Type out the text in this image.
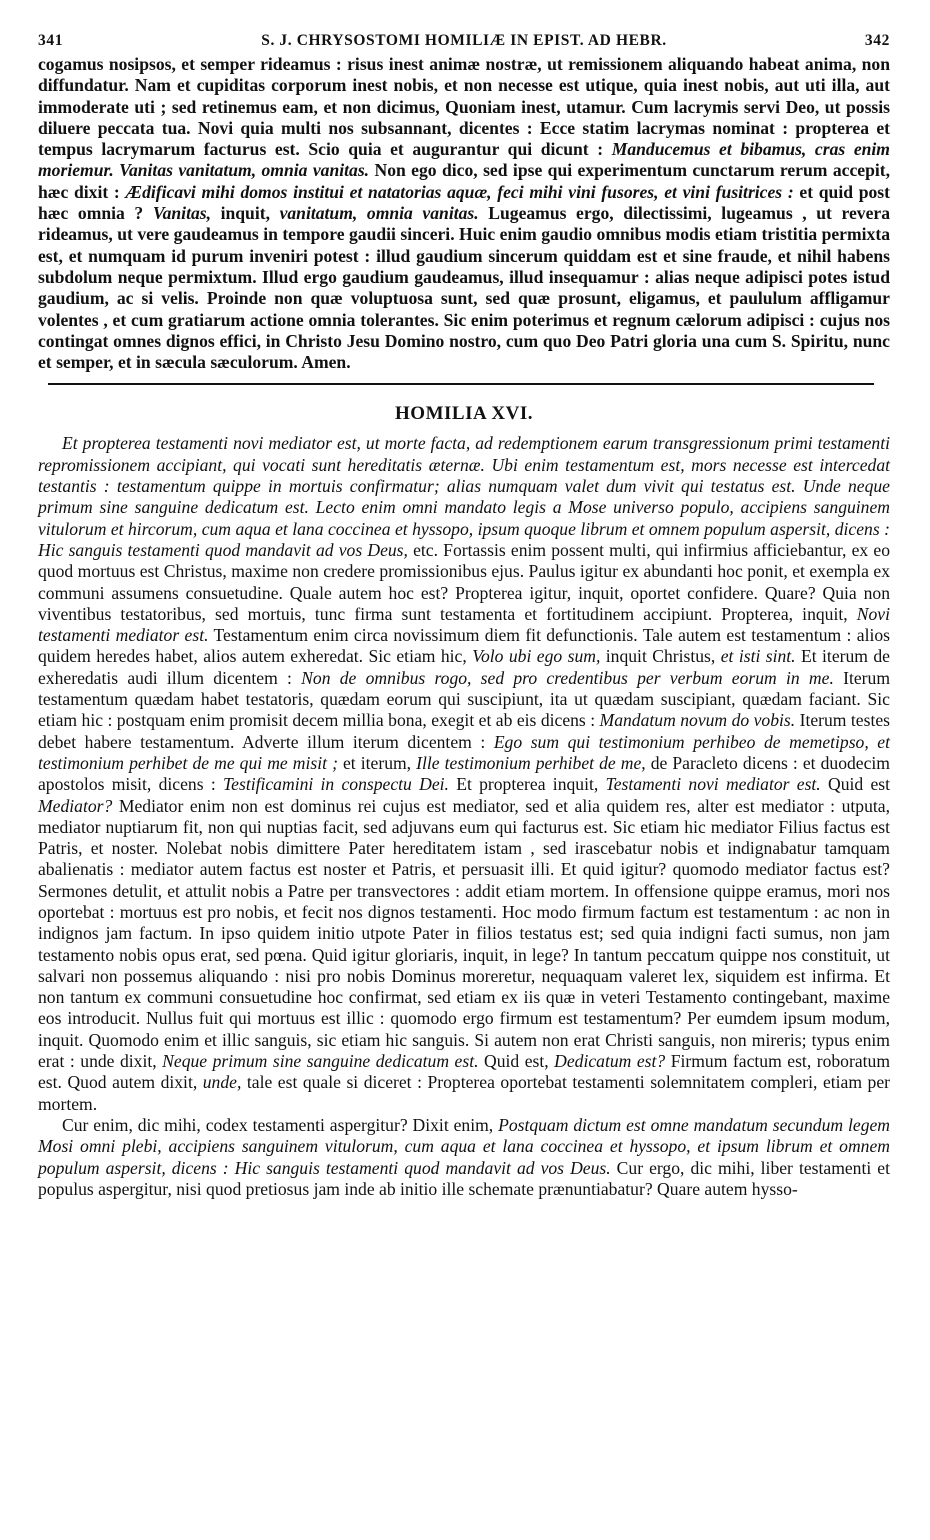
341	S. J. CHRYSOSTOMI HOMILIÆ IN EPIST. AD HEBR.	342

cogamus nosipsos, et semper rideamus : risus inest animæ nostræ, ut remissionem aliquando habeat anima, non diffundatur. Nam et cupiditas corporum inest nobis, et non necesse est utique, quia inest nobis, aut uti illa, aut immoderate uti ; sed retinemus eam, et non dicimus, Quoniam inest, utamur. Cum lacrymis servi Deo, ut possis diluere peccata tua. Novi quia multi nos subsannant, dicentes : Ecce statim lacrymas nominat : propterea et tempus lacrymarum facturus est. Scio quia et augurantur qui dicunt : Manducemus et bibamus, cras enim moriemur. Vanitas vanitatum, omnia vanitas. Non ego dico, sed ipse qui experimentum cunctarum rerum accepit, hæc dixit : Ædificavi mihi domos institui et natatorias aquæ, feci mihi vini fusores, et vini fusitrices : et quid post hæc omnia ? Vanitas, inquit, vanitatum, omnia vanitas. Lugeamus ergo, dilectissimi, lugeamus , ut revera rideamus, ut vere gaudeamus in tempore gaudii sinceri. Huic enim gaudio omnibus modis etiam tristitia permixta est, et numquam id purum inveniri potest : illud gaudium sincerum quiddam est et sine fraude, et nihil habens subdolum neque permixtum. Illud ergo gaudium gaudeamus, illud insequamur : alias neque adipisci potes istud gaudium, ac si velis. Proinde non quæ voluptuosa sunt, sed quæ prosunt, eligamus, et paululum affligamur volentes , et cum gratiarum actione omnia tolerantes. Sic enim poterimus et regnum cælorum adipisci : cujus nos contingat omnes dignos effici, in Christo Jesu Domino nostro, cum quo Deo Patri gloria una cum S. Spiritu, nunc et semper, et in sæcula sæculorum. Amen.

HOMILIA XVI.

Et propterea testamenti novi mediator est, ut morte facta, ad redemptionem earum transgressionum primi testamenti repromissionem accipiant, qui vocati sunt hereditatis æternæ. Ubi enim testamentum est, mors necesse est intercedat testantis : testamentum quippe in mortuis confirmatur; alias numquam valet dum vivit qui testatus est. Unde neque primum sine sanguine dedicatum est. Lecto enim omni mandato legis a Mose universo populo, accipiens sanguinem vitulorum et hircorum, cum aqua et lana coccinea et hyssopo, ipsum quoque librum et omnem populum aspersit, dicens : Hic sanguis testamenti quod mandavit ad vos Deus, etc. Fortassis enim possent multi, qui infirmius afficiebantur, ex eo quod mortuus est Christus, maxime non credere promissionibus ejus. Paulus igitur ex abundanti hoc ponit, et exempla ex communi assumens consuetudine. Quale autem hoc est? Propterea igitur, inquit, oportet confidere. Quare? Quia non viventibus testatoribus, sed mortuis, tunc firma sunt testamenta et fortitudinem accipiunt. Propterea, inquit, Novi testamenti mediator est. Testamentum enim circa novissimum diem fit defunctionis. Tale autem est testamentum : alios quidem heredes habet, alios autem exheredat. Sic etiam hic, Volo ubi ego sum, inquit Christus, et isti sint. Et iterum de exheredatis audi illum dicentem : Non de omnibus rogo, sed pro credentibus per verbum eorum in me. Iterum testamentum quædam habet testatoris, quædam eorum qui suscipiunt, ita ut quædam suscipiant, quædam faciant. Sic etiam hic : postquam enim promisit decem millia bona, exegit et ab eis dicens : Mandatum novum do vobis. Iterum testes debet habere testamentum. Adverte illum iterum dicentem : Ego sum qui testimonium perhibeo de memetipso, et testimonium perhibet de me qui me misit ; et iterum, Ille testimonium perhibet de me, de Paracleto dicens : et duodecim apostolos misit, dicens : Testificamini in conspectu Dei. Et propterea inquit, Testamenti novi mediator est. Quid est Mediator? Mediator enim non est dominus rei cujus est mediator, sed et alia quidem res, alter est mediator : utputa, mediator nuptiarum fit, non qui nuptias facit, sed adjuvans eum qui facturus est. Sic etiam hic mediator Filius factus est Patris, et noster. Nolebat nobis dimittere Pater hereditatem istam , sed irascebatur nobis et indignabatur tamquam abalienatis : mediator autem factus est noster et Patris, et persuasit illi. Et quid igitur? quomodo mediator factus est? Sermones detulit, et attulit nobis a Patre per transvectores : addit etiam mortem. In offensione quippe eramus, mori nos oportebat : mortuus est pro nobis, et fecit nos dignos testamenti. Hoc modo firmum factum est testamentum : ac non in indignos jam factum. In ipso quidem initio utpote Pater in filios testatus est; sed quia indigni facti sumus, non jam testamento nobis opus erat, sed pœna. Quid igitur gloriaris, inquit, in lege? In tantum peccatum quippe nos constituit, ut salvari non possemus aliquando : nisi pro nobis Dominus moreretur, nequaquam valeret lex, siquidem est infirma. Et non tantum ex communi consuetudine hoc confirmat, sed etiam ex iis quæ in veteri Testamento contingebant, maxime eos introducit. Nullus fuit qui mortuus est illic : quomodo ergo firmum est testamentum? Per eumdem ipsum modum, inquit. Quomodo enim et illic sanguis, sic etiam hic sanguis. Si autem non erat Christi sanguis, non mireris; typus enim erat : unde dixit, Neque primum sine sanguine dedicatum est. Quid est, Dedicatum est? Firmum factum est, roboratum est. Quod autem dixit, unde, tale est quale si diceret : Propterea oportebat testamenti solemnitatem compleri, etiam per mortem.

Cur enim, dic mihi, codex testamenti aspergitur? Dixit enim, Postquam dictum est omne mandatum secundum legem Mosi omni plebi, accipiens sanguinem vitulorum, cum aqua et lana coccinea et hyssopo, et ipsum librum et omnem populum aspersit, dicens : Hic sanguis testamenti quod mandavit ad vos Deus. Cur ergo, dic mihi, liber testamenti et populus aspergitur, nisi quod pretiosus jam inde ab initio ille schemate prænuntiabatur? Quare autem hysso-
